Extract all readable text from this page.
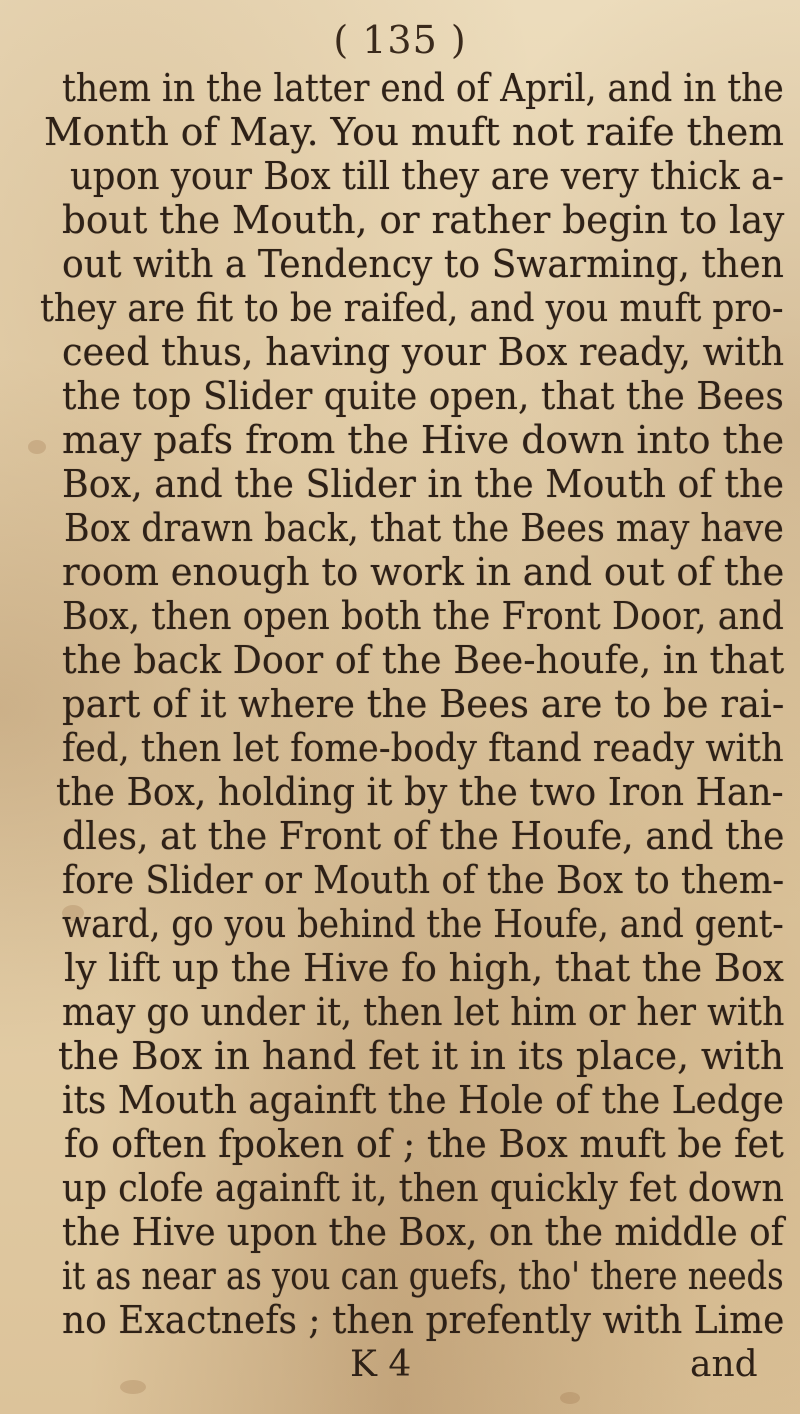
( 135 )
them in the latter end of April, and in the
Month of May. You muft not raife them
upon your Box till they are very thick a-
bout the Mouth, or rather begin to lay
out with a Tendency to Swarming, then
they are fit to be raifed, and you muft pro-
ceed thus, having your Box ready, with
the top Slider quite open, that the Bees
may pafs from the Hive down into the
Box, and the Slider in the Mouth of the
Box drawn back, that the Bees may have
room enough to work in and out of the
Box, then open both the Front Door, and
the back Door of the Bee-houfe, in that
part of it where the Bees are to be rai-
fed, then let fome-body ftand ready with
the Box, holding it by the two Iron Han-
dles, at the Front of the Houfe, and the
fore Slider or Mouth of the Box to them-
ward, go you behind the Houfe, and gent-
ly lift up the Hive fo high, that the Box
may go under it, then let him or her with
the Box in hand fet it in its place, with
its Mouth againft the Hole of the Ledge
fo often fpoken of ; the Box muft be fet
up clofe againft it, then quickly fet down
the Hive upon the Box, on the middle of
it as near as you can guefs, tho' there needs
no Exactnefs ; then prefently with Lime
K 4	and
